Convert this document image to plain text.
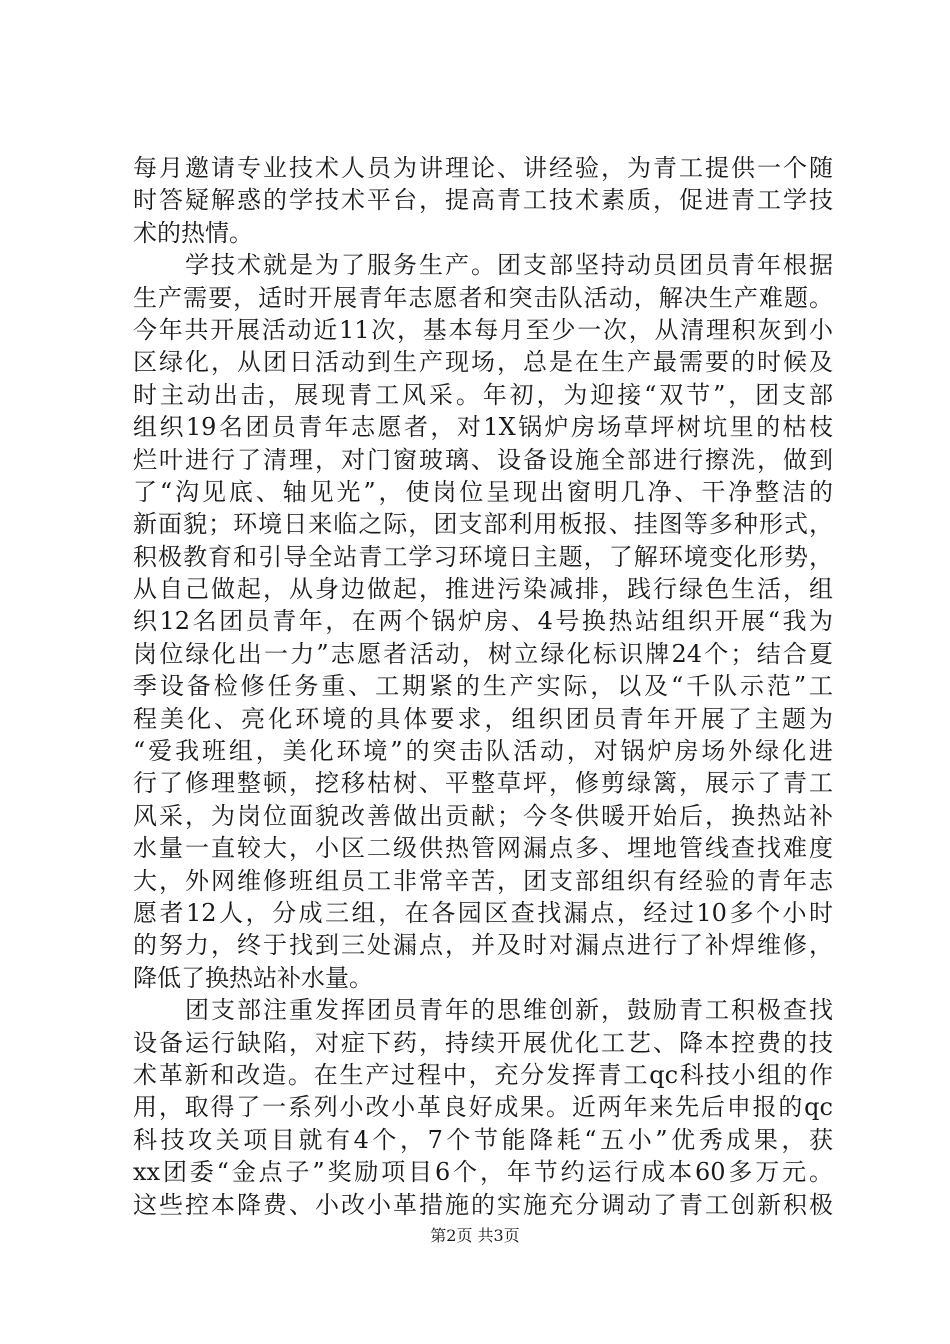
每月邀请专业技术人员为讲理论、讲经验，为青工提供一个随
时答疑解惑的学技术平台，提高青工技术素质，促进青工学技
术的热情。
　　学技术就是为了服务生产。团支部坚持动员团员青年根据
生产需要，适时开展青年志愿者和突击队活动，解决生产难题。
今年共开展活动近11次，基本每月至少一次，从清理积灰到小
区绿化，从团日活动到生产现场，总是在生产最需要的时候及
时主动出击，展现青工风采。年初，为迎接“双节”，团支部
组织19名团员青年志愿者，对1X锅炉房场草坪树坑里的枯枝
烂叶进行了清理，对门窗玻璃、设备设施全部进行擦洗，做到
了“沟见底、轴见光”，使岗位呈现出窗明几净、干净整洁的
新面貌；环境日来临之际，团支部利用板报、挂图等多种形式，
积极教育和引导全站青工学习环境日主题，了解环境变化形势，
从自己做起，从身边做起，推进污染减排，践行绿色生活，组
织12名团员青年，在两个锅炉房、4号换热站组织开展“我为
岗位绿化出一力”志愿者活动，树立绿化标识牌24个；结合夏
季设备检修任务重、工期紧的生产实际，以及“千队示范”工
程美化、亮化环境的具体要求，组织团员青年开展了主题为
“爱我班组，美化环境”的突击队活动，对锅炉房场外绿化进
行了修理整顿，挖移枯树、平整草坪，修剪绿篱，展示了青工
风采，为岗位面貌改善做出贡献；今冬供暖开始后，换热站补
水量一直较大，小区二级供热管网漏点多、埋地管线查找难度
大，外网维修班组员工非常辛苦，团支部组织有经验的青年志
愿者12人，分成三组，在各园区查找漏点，经过10多个小时
的努力，终于找到三处漏点，并及时对漏点进行了补焊维修，
降低了换热站补水量。
　　团支部注重发挥团员青年的思维创新，鼓励青工积极查找
设备运行缺陷，对症下药，持续开展优化工艺、降本控费的技
术革新和改造。在生产过程中，充分发挥青工qc科技小组的作
用，取得了一系列小改小革良好成果。近两年来先后申报的qc
科技攻关项目就有4个，7个节能降耗“五小”优秀成果，获
xx团委“金点子”奖励项目6个，年节约运行成本60多万元。
这些控本降费、小改小革措施的实施充分调动了青工创新积极
第2页 共3页
